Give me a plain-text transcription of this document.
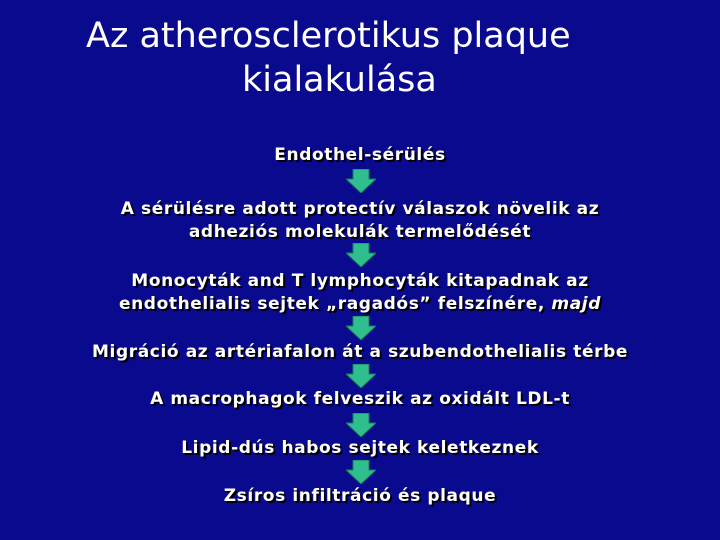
Az atherosclerotikus plaque
kialakulása
Endothel-sérülés
A sérülésre adott protectív válaszok növelik az
adheziós molekulák termelődését
Monocyták and T lymphocyták kitapadnak az
endothelialis sejtek „ragadós” felszínére, majd
Migráció az artériafalon át a szubendothelialis térbe
A macrophagok felveszik az oxidált LDL-t
Lipid-dús habos sejtek keletkeznek
Zsíros infiltráció és plaque
